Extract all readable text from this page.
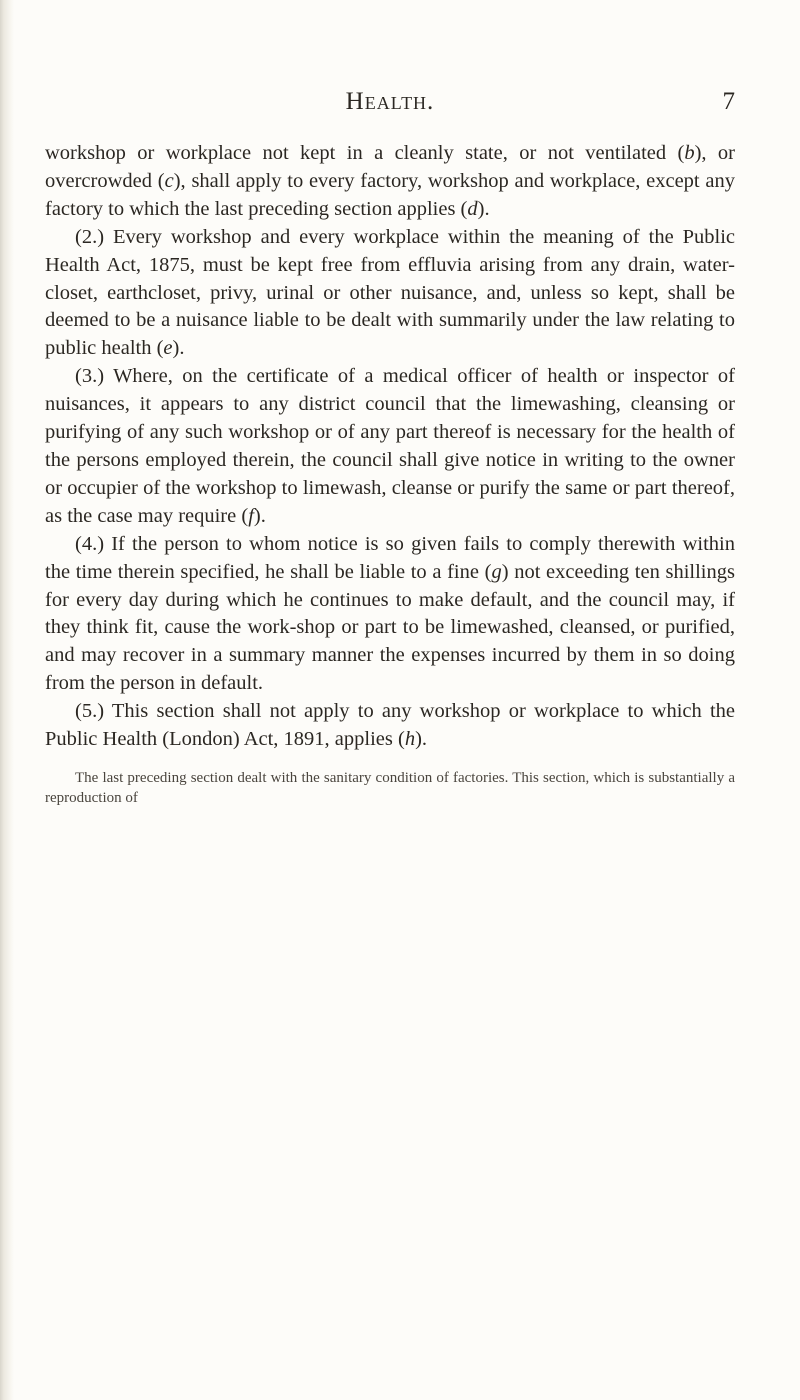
Health.	7

workshop or workplace not kept in a cleanly state, or not ventilated (b), or overcrowded (c), shall apply to every factory, workshop and workplace, except any factory to which the last preceding section applies (d).

(2.) Every workshop and every workplace within the meaning of the Public Health Act, 1875, must be kept free from effluvia arising from any drain, water-closet, earthcloset, privy, urinal or other nuisance, and, unless so kept, shall be deemed to be a nuisance liable to be dealt with summarily under the law relating to public health (e).

(3.) Where, on the certificate of a medical officer of health or inspector of nuisances, it appears to any district council that the limewashing, cleansing or purifying of any such workshop or of any part thereof is necessary for the health of the persons employed therein, the council shall give notice in writing to the owner or occupier of the workshop to limewash, cleanse or purify the same or part thereof, as the case may require (f).

(4.) If the person to whom notice is so given fails to comply therewith within the time therein specified, he shall be liable to a fine (g) not exceeding ten shillings for every day during which he continues to make default, and the council may, if they think fit, cause the work-shop or part to be limewashed, cleansed, or purified, and may recover in a summary manner the expenses incurred by them in so doing from the person in default.

(5.) This section shall not apply to any workshop or workplace to which the Public Health (London) Act, 1891, applies (h).

The last preceding section dealt with the sanitary condition of factories. This section, which is substantially a reproduction of
